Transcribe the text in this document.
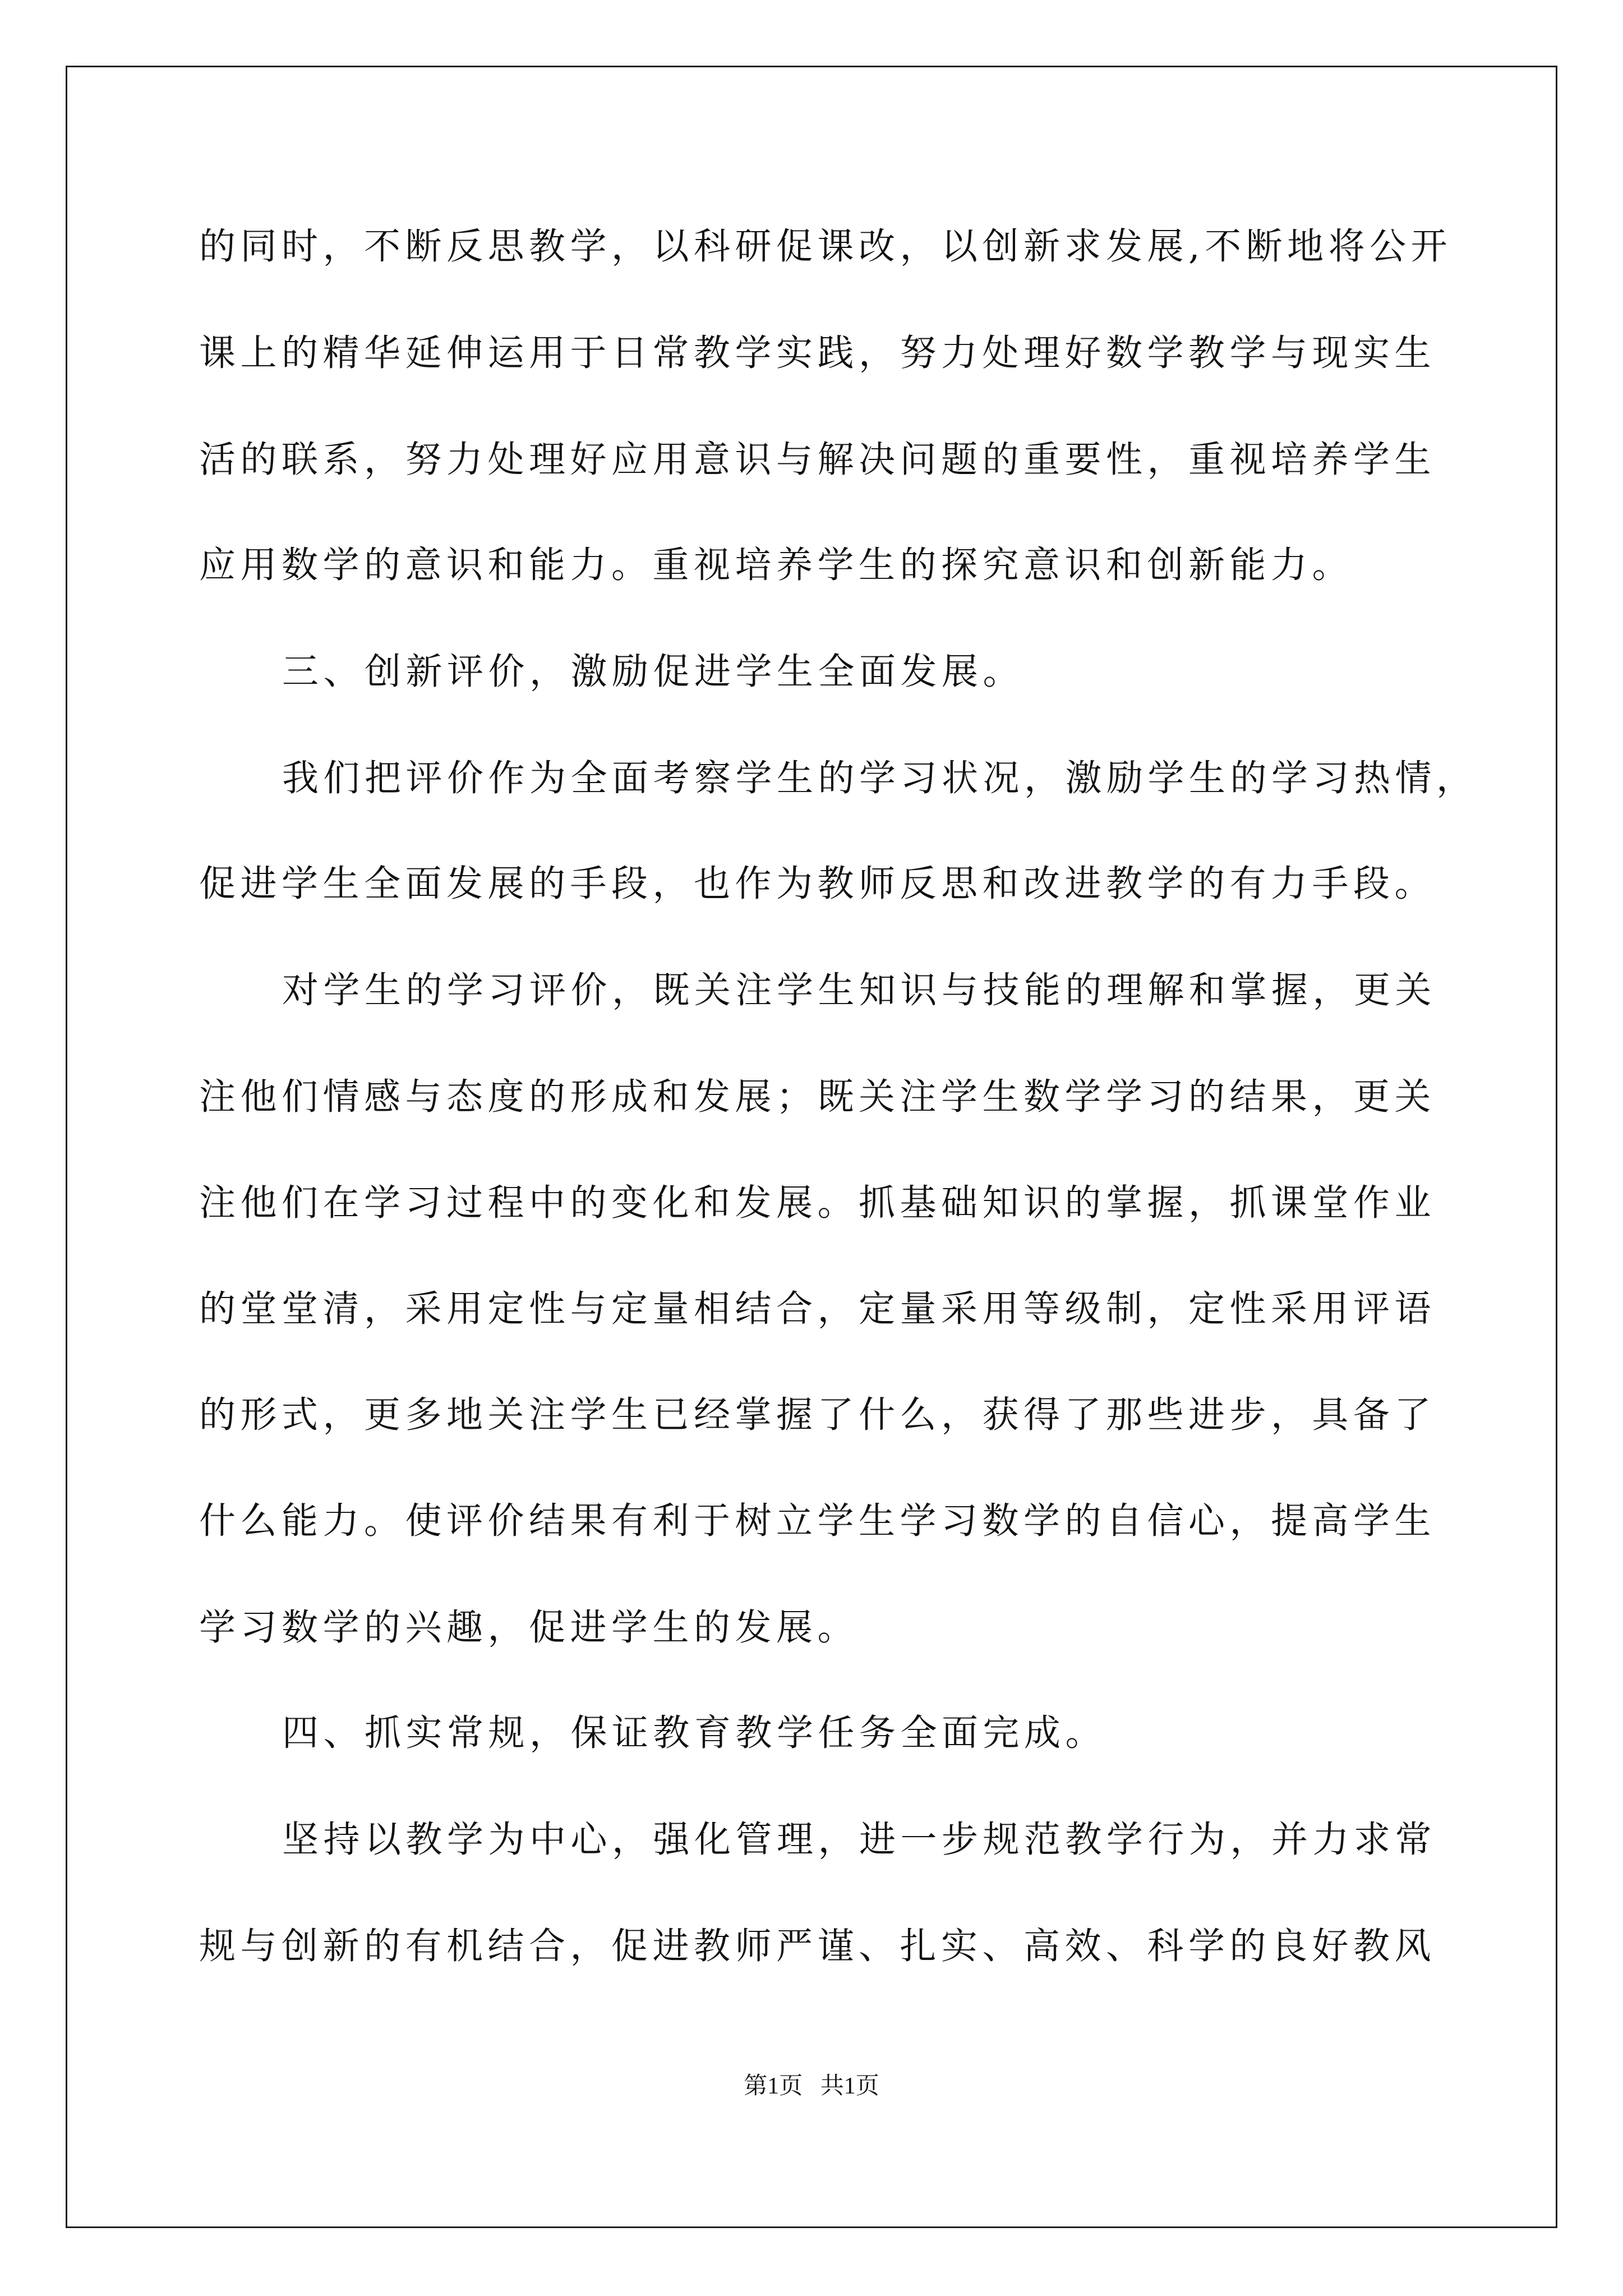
的同时，不断反思教学，以科研促课改，以创新求发展,不断地将公开
课上的精华延伸运用于日常教学实践，努力处理好数学教学与现实生
活的联系，努力处理好应用意识与解决问题的重要性，重视培养学生
应用数学的意识和能力。重视培养学生的探究意识和创新能力。
三、创新评价，激励促进学生全面发展。
我们把评价作为全面考察学生的学习状况，激励学生的学习热情，
促进学生全面发展的手段，也作为教师反思和改进教学的有力手段。
对学生的学习评价，既关注学生知识与技能的理解和掌握，更关
注他们情感与态度的形成和发展；既关注学生数学学习的结果，更关
注他们在学习过程中的变化和发展。抓基础知识的掌握，抓课堂作业
的堂堂清，采用定性与定量相结合，定量采用等级制，定性采用评语
的形式，更多地关注学生已经掌握了什么，获得了那些进步，具备了
什么能力。使评价结果有利于树立学生学习数学的自信心，提高学生
学习数学的兴趣，促进学生的发展。
四、抓实常规，保证教育教学任务全面完成。
坚持以教学为中心，强化管理，进一步规范教学行为，并力求常
规与创新的有机结合，促进教师严谨、扎实、高效、科学的良好教风
第1页   共1页
